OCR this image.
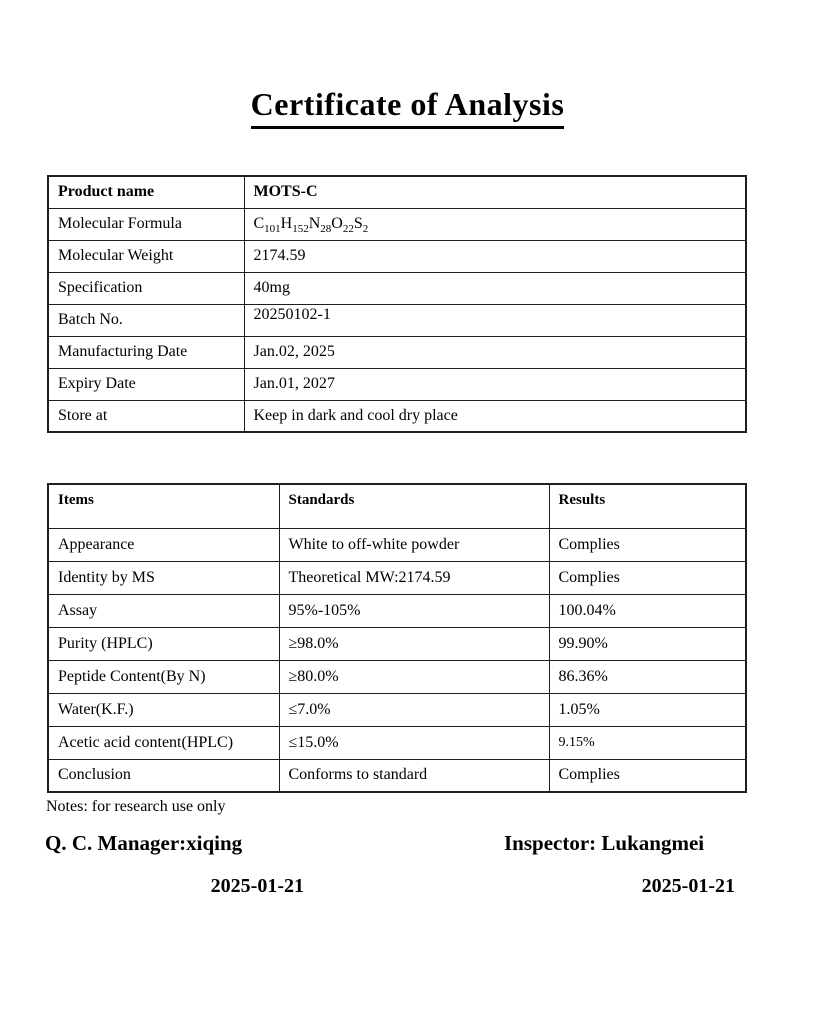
Certificate of Analysis
Product name	MOTS-C
Molecular Formula	$C_{101}H_{152}N_{28}O_{22}S_2$
Molecular Weight	2174.59
Specification	40mg
Batch No.	20250102-1
Manufacturing Date	Jan.02, 2025
Expiry Date	Jan.01, 2027
Store at	Keep in dark and cool dry place
Items	Standards	Results
Appearance	White to off-white powder	Complies
Identity by MS	Theoretical MW:2174.59	Complies
Assay	95%-105%	100.04%
Purity (HPLC)	≥98.0%	99.90%
Peptide Content(By N)	≥80.0%	86.36%
Water(K.F.)	≤7.0%	1.05%
Acetic acid content(HPLC)	≤15.0%	9.15%
Conclusion	Conforms to standard	Complies
Notes: for research use only
Q. C. Manager:xiqing
2025-01-21
Inspector: Lukangmei
2025-01-21
